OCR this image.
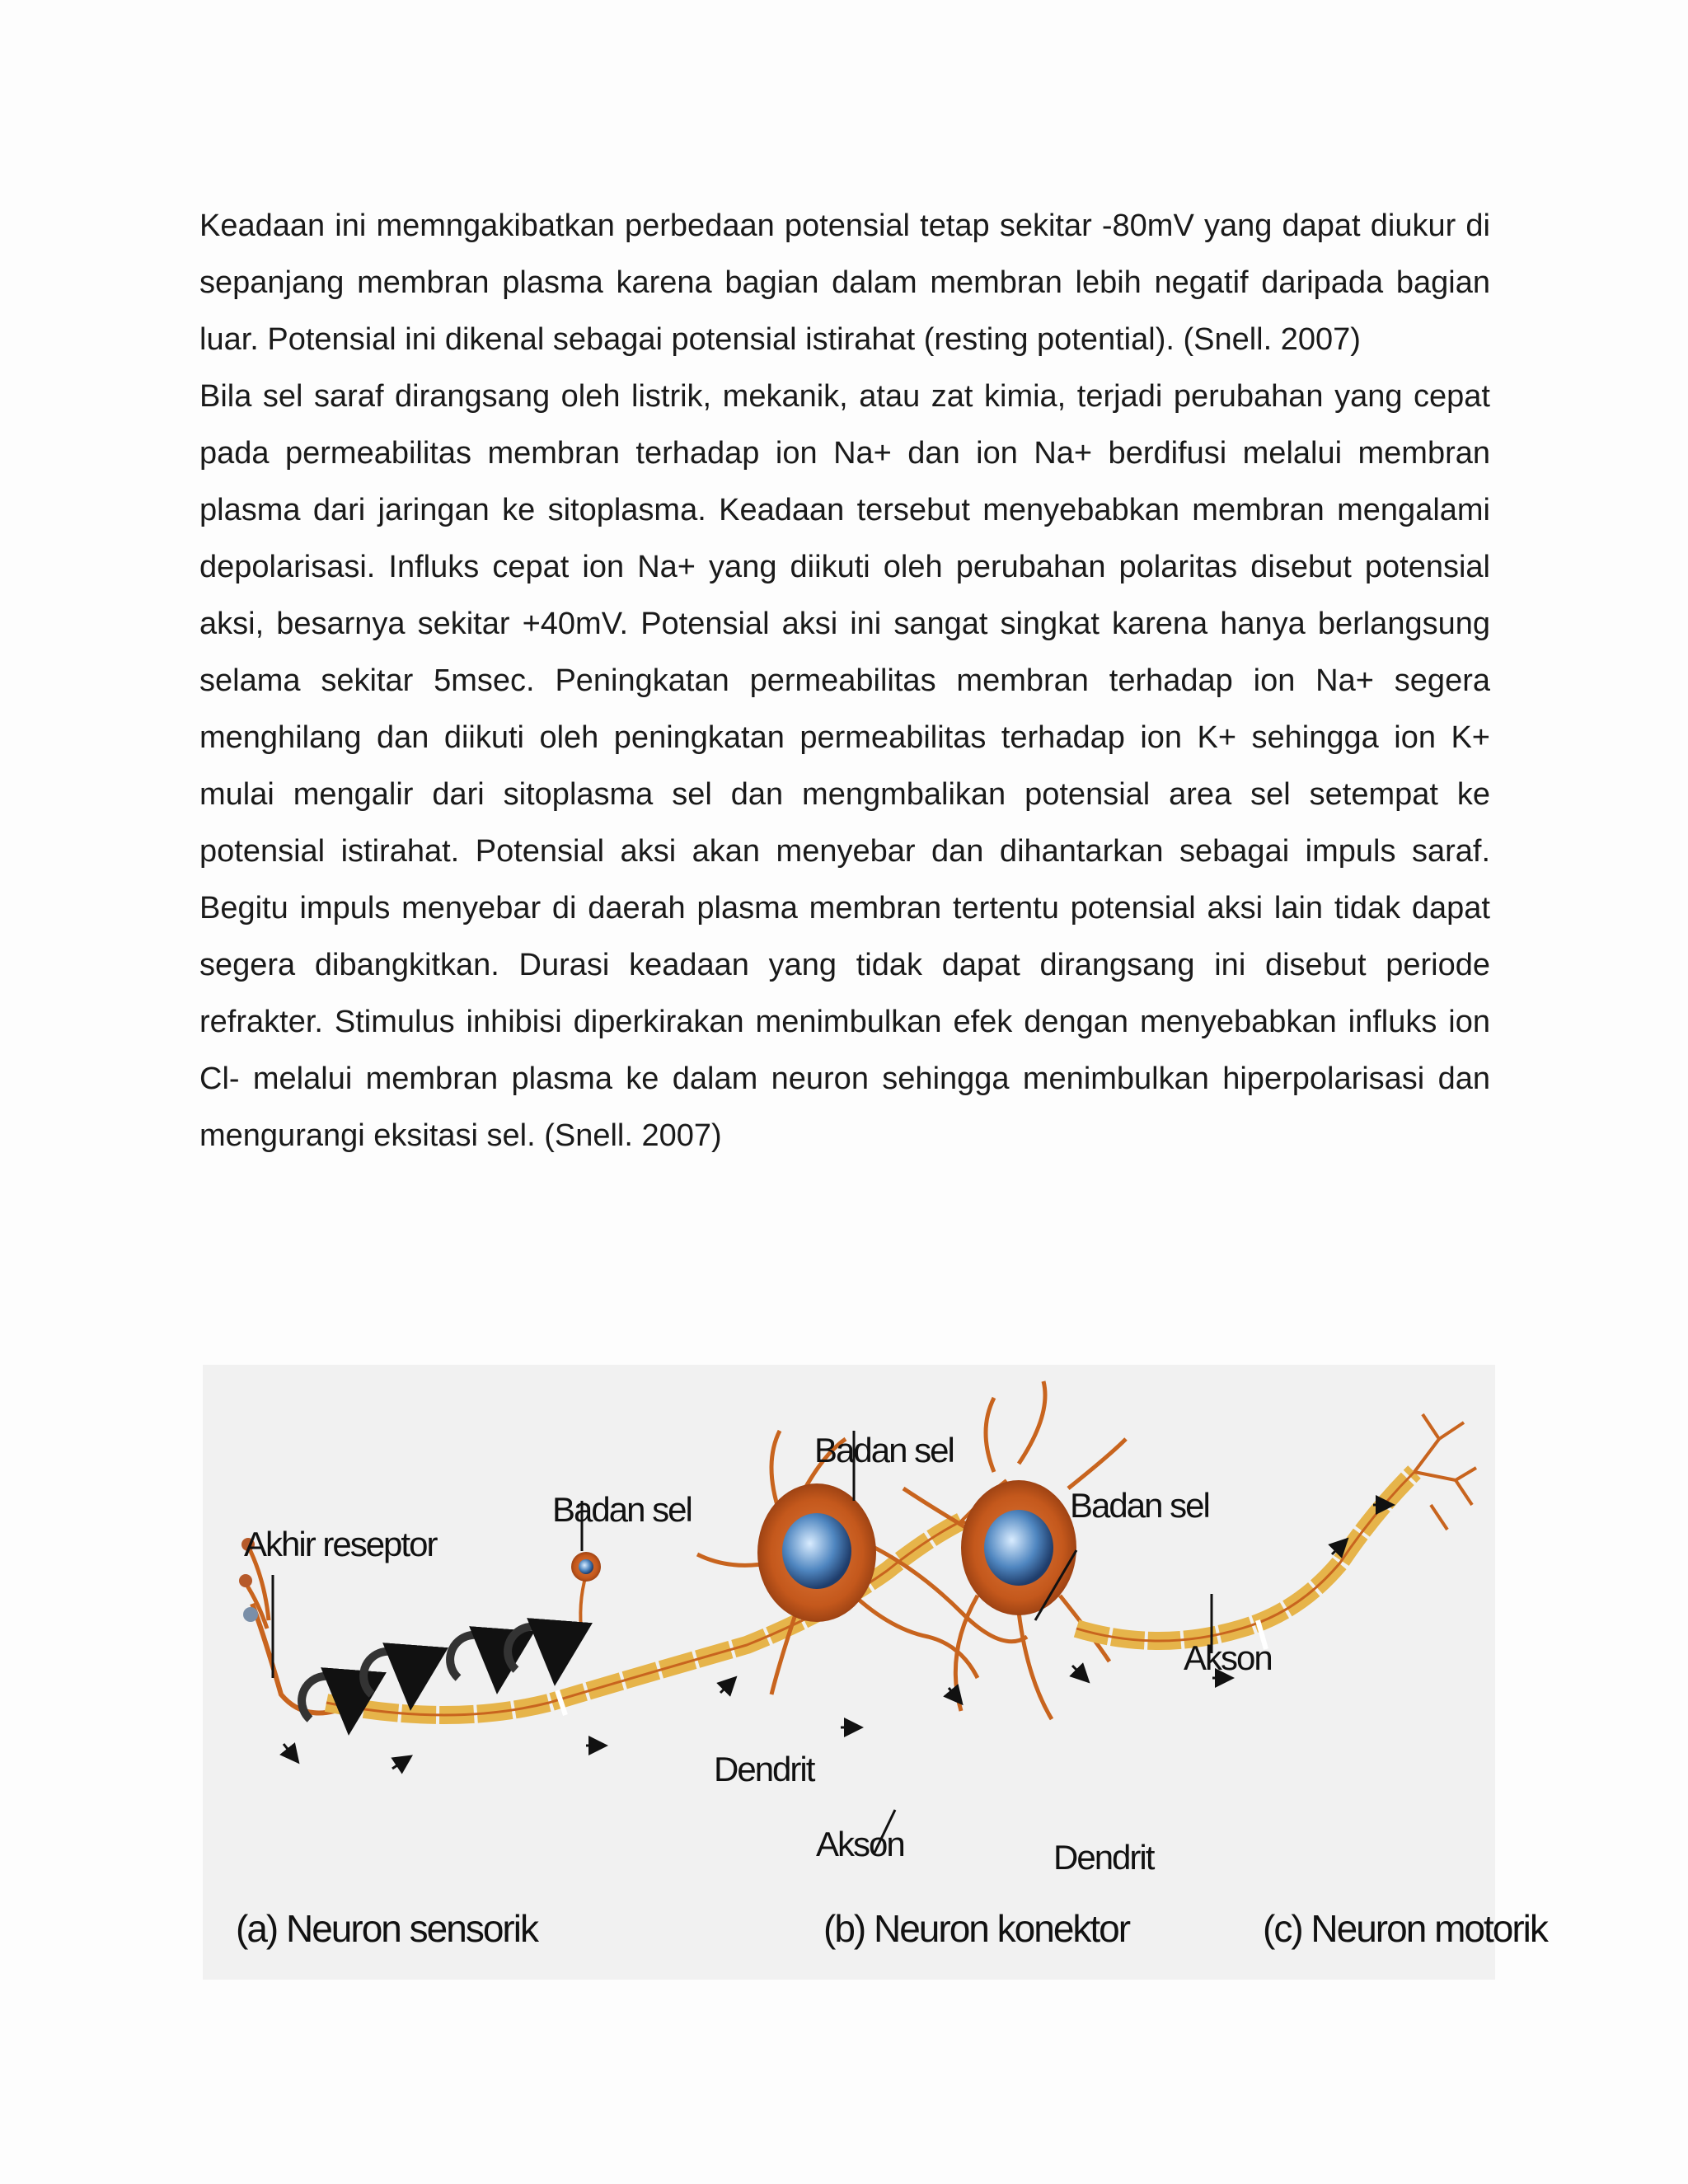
Keadaan ini memngakibatkan perbedaan potensial tetap sekitar -80mV yang dapat diukur di sepanjang membran plasma karena bagian dalam membran lebih negatif daripada bagian luar. Potensial ini dikenal sebagai potensial istirahat (resting potential). (Snell. 2007)

Bila sel saraf dirangsang oleh listrik, mekanik, atau zat kimia, terjadi perubahan yang cepat pada permeabilitas membran terhadap ion Na+ dan ion Na+ berdifusi melalui membran plasma dari jaringan ke sitoplasma. Keadaan tersebut menyebabkan membran mengalami depolarisasi. Influks cepat ion Na+ yang diikuti oleh perubahan polaritas disebut potensial aksi, besarnya sekitar +40mV. Potensial aksi ini sangat singkat karena hanya berlangsung selama sekitar 5msec. Peningkatan permeabilitas membran terhadap ion Na+ segera menghilang dan diikuti oleh peningkatan permeabilitas terhadap ion K+ sehingga ion K+ mulai mengalir dari sitoplasma sel dan mengmbalikan potensial area sel setempat ke potensial istirahat. Potensial aksi akan menyebar dan dihantarkan sebagai impuls saraf. Begitu impuls menyebar di daerah plasma membran tertentu potensial aksi lain tidak dapat segera dibangkitkan. Durasi keadaan yang tidak dapat dirangsang ini disebut periode refrakter. Stimulus inhibisi diperkirakan menimbulkan efek dengan menyebabkan influks ion Cl- melalui membran plasma ke dalam neuron sehingga menimbulkan hiperpolarisasi dan mengurangi eksitasi sel. (Snell. 2007)

Akhir reseptor
Badan sel
Badan sel
Badan sel
Akson
Dendrit
Akson	Dendrit
(a) Neuron sensorik	(b) Neuron konektor	(c) Neuron motorik
